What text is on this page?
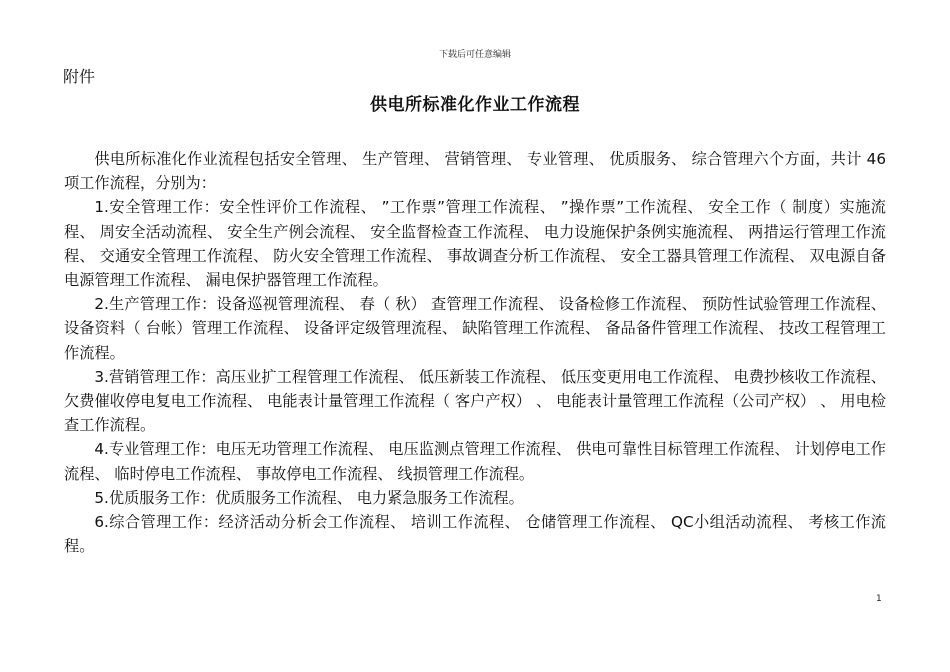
下载后可任意编辑
附件
供电所标准化作业工作流程

供电所标准化作业流程包括安全管理、 生产管理、 营销管理、 专业管理、 优质服务、 综合管理六个方面，共计 46 项工作流程，分别为：

1.安全管理工作：安全性评价工作流程、 ”工作票”管理工作流程、 ”操作票”工作流程、 安全工作（ 制度）实施流程、 周安全活动流程、 安全生产例会流程、 安全监督检查工作流程、 电力设施保护条例实施流程、 两措运行管理工作流程、 交通安全管理工作流程、 防火安全管理工作流程、 事故调查分析工作流程、 安全工器具管理工作流程、 双电源自备电源管理工作流程、 漏电保护器管理工作流程。

2.生产管理工作：设备巡视管理流程、 春（ 秋） 查管理工作流程、 设备检修工作流程、 预防性试验管理工作流程、 设备资料（ 台帐）管理工作流程、 设备评定级管理流程、 缺陷管理工作流程、 备品备件管理工作流程、 技改工程管理工作流程。

3.营销管理工作：高压业扩工程管理工作流程、 低压新装工作流程、 低压变更用电工作流程、 电费抄核收工作流程、 欠费催收停电复电工作流程、 电能表计量管理工作流程（ 客户产权） 、 电能表计量管理工作流程（公司产权） 、 用电检查工作流程。

4.专业管理工作：电压无功管理工作流程、 电压监测点管理工作流程、 供电可靠性目标管理工作流程、 计划停电工作流程、 临时停电工作流程、 事故停电工作流程、 线损管理工作流程。

5.优质服务工作：优质服务工作流程、 电力紧急服务工作流程。

6.综合管理工作：经济活动分析会工作流程、 培训工作流程、 仓储管理工作流程、 QC小组活动流程、 考核工作流程。

1
